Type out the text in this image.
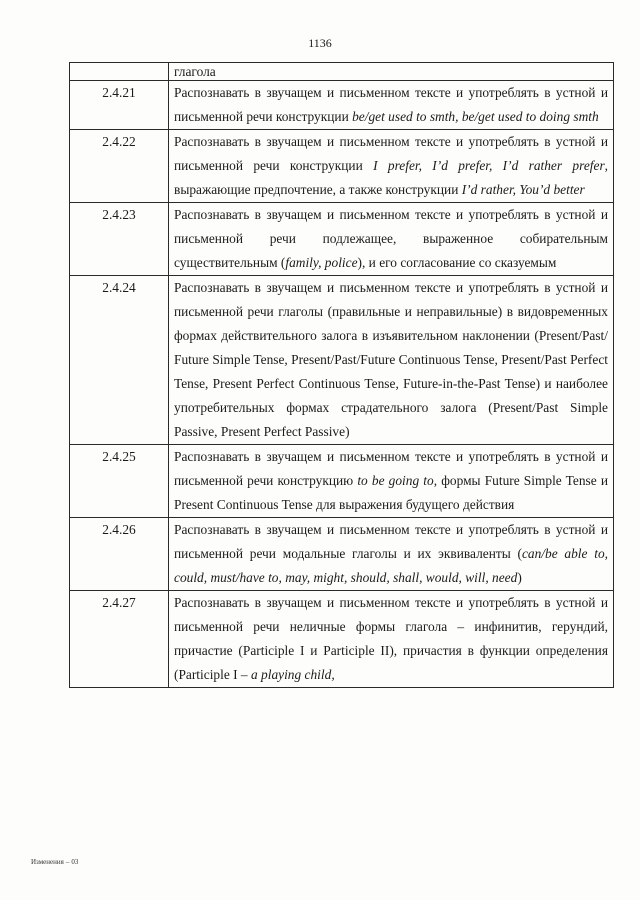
1136
	глагола

2.4.21	Распознавать в звучащем и письменном тексте и употреблять в устной и письменной речи конструкции be/get used to smth, be/get used to doing smth

2.4.22	Распознавать в звучащем и письменном тексте и употреблять в устной и письменной речи конструкции I prefer, I’d prefer, I’d rather prefer, выражающие предпочтение, а также конструкции I’d rather, You’d better

2.4.23	Распознавать в звучащем и письменном тексте и употреблять в устной и письменной речи подлежащее, выраженное собирательным существительным (family, police), и его согласование со сказуемым

2.4.24	Распознавать в звучащем и письменном тексте и употреблять в устной и письменной речи глаголы (правильные и неправильные) в видовременных формах действительного залога в изъявительном наклонении (Present/Past/ Future Simple Tense, Present/Past/Future Continuous Tense, Present/Past Perfect Tense, Present Perfect Continuous Tense, Future-in-the-Past Tense) и наиболее употребительных формах страдательного залога (Present/Past Simple Passive, Present Perfect Passive)

2.4.25	Распознавать в звучащем и письменном тексте и употреблять в устной и письменной речи конструкцию to be going to, формы Future Simple Tense и Present Continuous Tense для выражения будущего действия

2.4.26	Распознавать в звучащем и письменном тексте и употреблять в устной и письменной речи модальные глаголы и их эквиваленты (can/be able to, could, must/have to, may, might, should, shall, would, will, need)

2.4.27	Распознавать в звучащем и письменном тексте и употреблять в устной и письменной речи неличные формы глагола – инфинитив, герундий, причастие (Participle I и Participle II), причастия в функции определения (Participle I – a playing child,
Изменения – 03
